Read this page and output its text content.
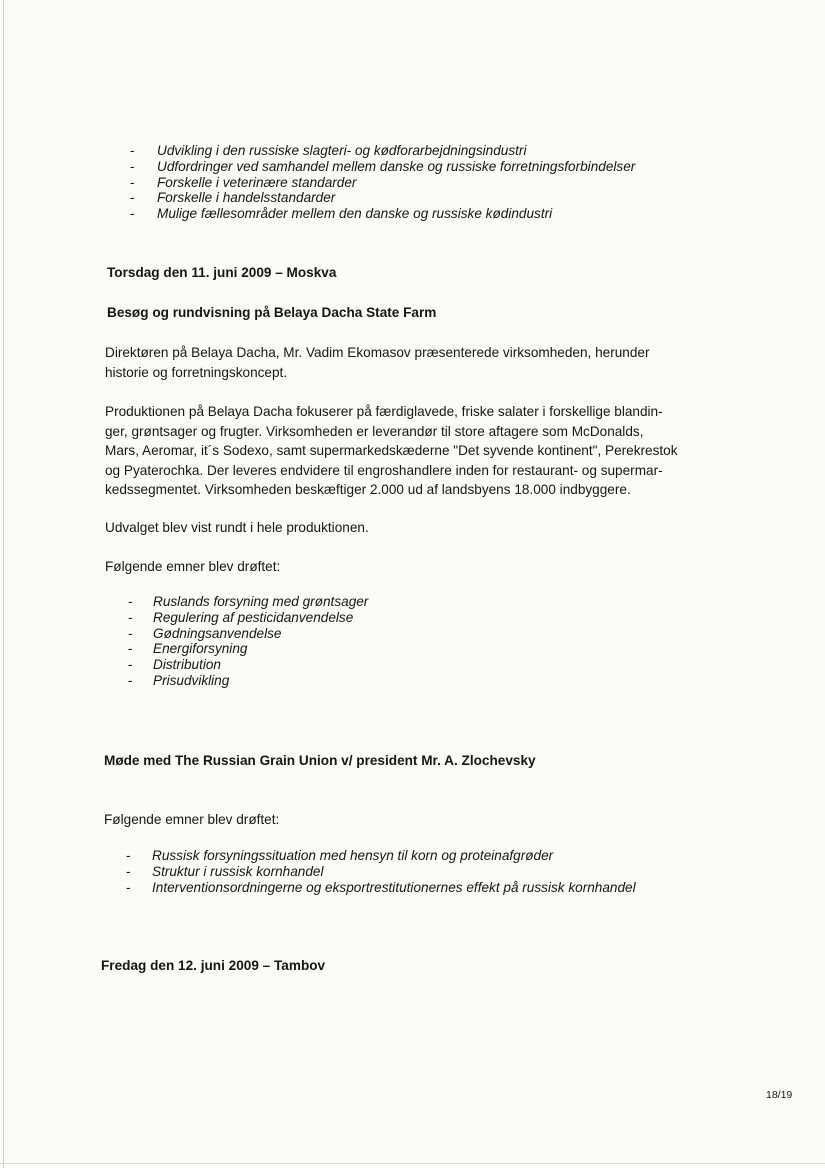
- Udvikling i den russiske slagteri- og kødforarbejdningsindustri
- Udfordringer ved samhandel mellem danske og russiske forretningsforbindelser
- Forskelle i veterinære standarder
- Forskelle i handelsstandarder
- Mulige fællesområder mellem den danske og russiske kødindustri
Torsdag den 11. juni 2009 – Moskva
Besøg og rundvisning på Belaya Dacha State Farm

Direktøren på Belaya Dacha, Mr. Vadim Ekomasov præsenterede virksomheden, herunder historie og forretningskoncept.

Produktionen på Belaya Dacha fokuserer på færdiglavede, friske salater i forskellige blandin-
ger, grøntsager og frugter. Virksomheden er leverandør til store aftagere som McDonalds,
Mars, Aeromar, it´s Sodexo, samt supermarkedskæderne "Det syvende kontinent", Perekrestok
og Pyaterochka. Der leveres endvidere til engroshandlere inden for restaurant- og supermar-
kedssegmentet. Virksomheden beskæftiger 2.000 ud af landsbyens 18.000 indbyggere.

Udvalget blev vist rundt i hele produktionen.

Følgende emner blev drøftet:

- Ruslands forsyning med grøntsager
- Regulering af pesticidanvendelse
- Gødningsanvendelse
- Energiforsyning
- Distribution
- Prisudvikling
Møde med The Russian Grain Union v/ president Mr. A. Zlochevsky

Følgende emner blev drøftet:

- Russisk forsyningssituation med hensyn til korn og proteinafgrøder
- Struktur i russisk kornhandel
- Interventionsordningerne og eksportrestitutionernes effekt på russisk kornhandel
Fredag den 12. juni 2009 – Tambov
18/19
